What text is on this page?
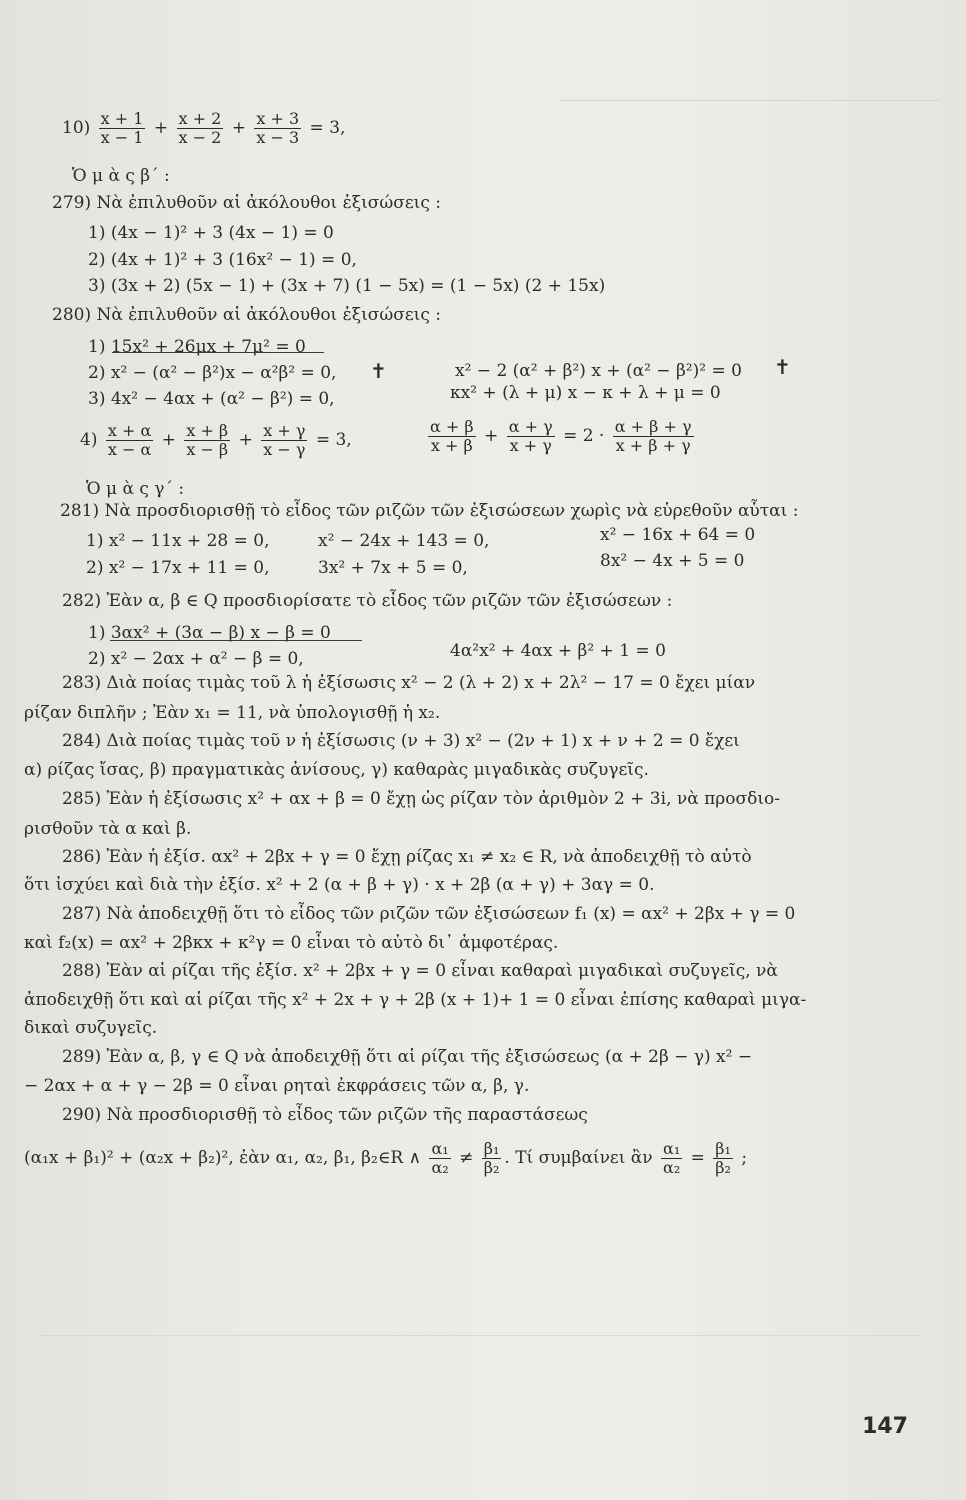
$10) \frac{x + 1}{x - 1} + \frac{x + 2}{x - 2} + \frac{x + 3}{x - 3} = 3$,
Ὁ μ ὰ ς β΄ :
279) Νὰ ἐπιλυθοῦν αἱ ἀκόλουθοι ἐξισώσεις :
1) (4x − 1)² + 3 (4x − 1) = 0
2) (4x + 1)² + 3 (16x² − 1) = 0,
3) (3x + 2) (5x − 1) + (3x + 7) (1 − 5x) = (1 − 5x) (2 + 15x)
280) Νὰ ἐπιλυθοῦν αἱ ἀκόλουθοι ἐξισώσεις :
1) 15x² + 26μx + 7μ² = 0
2) x² − (α² − β²)x − α²β² = 0, ✝	x² − 2 (α² + β²) x + (α² − β²)² = 0 ✝
3) 4x² − 4αx + (α² − β²) = 0,	κx² + (λ + μ) x − κ + λ + μ = 0
$4) \frac{x + \alpha}{x - \alpha} + \frac{x + \beta}{x - \beta} + \frac{x + \gamma}{x - \gamma} = 3$,	$\frac{\alpha + \beta}{x + \beta} + \frac{\alpha + \gamma}{x + \gamma} = 2 \cdot \frac{\alpha + \beta + \gamma}{x + \beta + \gamma}$
Ὁ μ ὰ ς γ΄ :
281) Νὰ προσδιορισθῇ τὸ εἶδος τῶν ριζῶν τῶν ἐξισώσεων χωρὶς νὰ εὑρεθοῦν αὗται :
1) x² − 11x + 28 = 0,	x² − 24x + 143 = 0,	x² − 16x + 64 = 0
2) x² − 17x + 11 = 0,	3x² + 7x + 5 = 0,	8x² − 4x + 5 = 0
282) Ἐὰν α, β ∈ Q προσδιορίσατε τὸ εἶδος τῶν ριζῶν τῶν ἐξισώσεων :
1) 3αx² + (3α − β) x − β = 0
2) x² − 2αx + α² − β = 0,	4α²x² + 4αx + β² + 1 = 0
283) Διὰ ποίας τιμὰς τοῦ λ ἡ ἐξίσωσις x² − 2 (λ + 2) x + 2λ² − 17 = 0 ἔχει μίαν
ρίζαν διπλῆν ; Ἐὰν x₁ = 11, νὰ ὑπολογισθῇ ἡ x₂.
284) Διὰ ποίας τιμὰς τοῦ ν ἡ ἐξίσωσις (ν + 3) x² − (2ν + 1) x + ν + 2 = 0 ἔχει
α) ρίζας ἴσας, β) πραγματικὰς ἀνίσους, γ) καθαρὰς μιγαδικὰς συζυγεῖς.
285) Ἐὰν ἡ ἐξίσωσις x² + αx + β = 0 ἔχῃ ὡς ρίζαν τὸν ἀριθμὸν 2 + 3i, νὰ προσδιο-
ρισθοῦν τὰ α καὶ β.
286) Ἐὰν ἡ ἐξίσ. αx² + 2βx + γ = 0 ἔχῃ ρίζας x₁ ≠ x₂ ∈ R, νὰ ἀποδειχθῇ τὸ αὐτὸ
ὅτι ἰσχύει καὶ διὰ τὴν ἐξίσ. x² + 2 (α + β + γ) · x + 2β (α + γ) + 3αγ = 0.
287) Νὰ ἀποδειχθῇ ὅτι τὸ εἶδος τῶν ριζῶν τῶν ἐξισώσεων f₁ (x) = αx² + 2βx + γ = 0
καὶ f₂(x) = αx² + 2βκx + κ²γ = 0 εἶναι τὸ αὐτὸ δι᾽ ἀμφοτέρας.
288) Ἐὰν αἱ ρίζαι τῆς ἐξίσ. x² + 2βx + γ = 0 εἶναι καθαραὶ μιγαδικαὶ συζυγεῖς, νὰ
ἀποδειχθῇ ὅτι καὶ αἱ ρίζαι τῆς x² + 2x + γ + 2β (x + 1)+ 1 = 0 εἶναι ἐπίσης καθαραὶ μιγα-
δικαὶ συζυγεῖς.
289) Ἐὰν α, β, γ ∈ Q νὰ ἀποδειχθῇ ὅτι αἱ ρίζαι τῆς ἐξισώσεως (α + 2β − γ) x² −
− 2αx + α + γ − 2β = 0 εἶναι ρηταὶ ἐκφράσεις τῶν α, β, γ.
290) Νὰ προσδιορισθῇ τὸ εἶδος τῶν ριζῶν τῆς παραστάσεως
(α₁x + β₁)² + (α₂x + β₂)², ἐὰν α₁, α₂, β₁, β₂∈R ∧ $\frac{\text{α₁}}{\text{α₂}} \ne \frac{\text{β₁}}{\text{β₂}}$ . Τί συμβαίνει ἂν $\frac{\text{α₁}}{\text{α₂}} = \frac{\text{β₁}}{\text{β₂}}$ ;
147
